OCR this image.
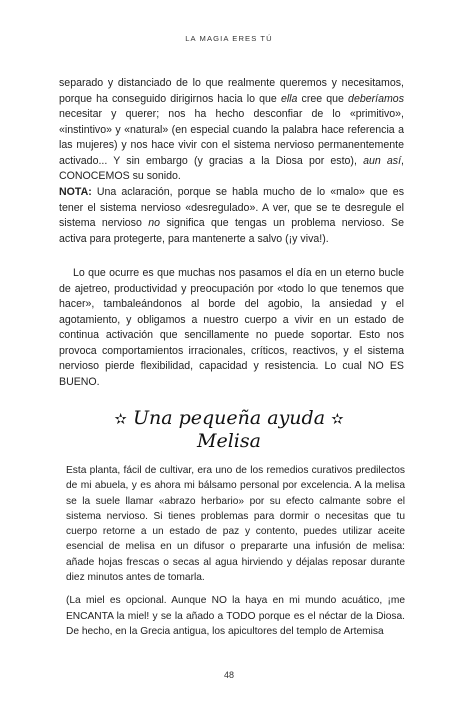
LA MAGIA ERES TÚ

separado y distanciado de lo que realmente queremos y necesitamos, porque ha conseguido dirigirnos hacia lo que ella cree que deberíamos necesitar y querer; nos ha hecho desconfiar de lo «primitivo», «instintivo» y «natural» (en especial cuando la palabra hace referencia a las mujeres) y nos hace vivir con el sistema nervioso permanentemente activado... Y sin embargo (y gracias a la Diosa por esto), aun así, CONOCEMOS su sonido.

NOTA: Una aclaración, porque se habla mucho de lo «malo» que es tener el sistema nervioso «desregulado». A ver, que se te desregule el sistema nervioso no significa que tengas un problema nervioso. Se activa para protegerte, para mantenerte a salvo (¡y viva!).

Lo que ocurre es que muchas nos pasamos el día en un eterno bucle de ajetreo, productividad y preocupación por «todo lo que tenemos que hacer», tambaleándonos al borde del agobio, la ansiedad y el agotamiento, y obligamos a nuestro cuerpo a vivir en un estado de continua activación que sencillamente no puede soportar. Esto nos provoca comportamientos irracionales, críticos, reactivos, y el sistema nervioso pierde flexibilidad, capacidad y resistencia. Lo cual NO ES BUENO.

✫ Una pequeña ayuda ✫
Melisa

Esta planta, fácil de cultivar, era uno de los remedios curativos predilectos de mi abuela, y es ahora mi bálsamo personal por excelencia. A la melisa se la suele llamar «abrazo herbario» por su efecto calmante sobre el sistema nervioso. Si tienes problemas para dormir o necesitas que tu cuerpo retorne a un estado de paz y contento, puedes utilizar aceite esencial de melisa en un difusor o prepararte una infusión de melisa: añade hojas frescas o secas al agua hirviendo y déjalas reposar durante diez minutos antes de tomarla.

(La miel es opcional. Aunque NO la haya en mi mundo acuático, ¡me ENCANTA la miel! y se la añado a TODO porque es el néctar de la Diosa. De hecho, en la Grecia antigua, los apicultores del templo de Artemisa

48
